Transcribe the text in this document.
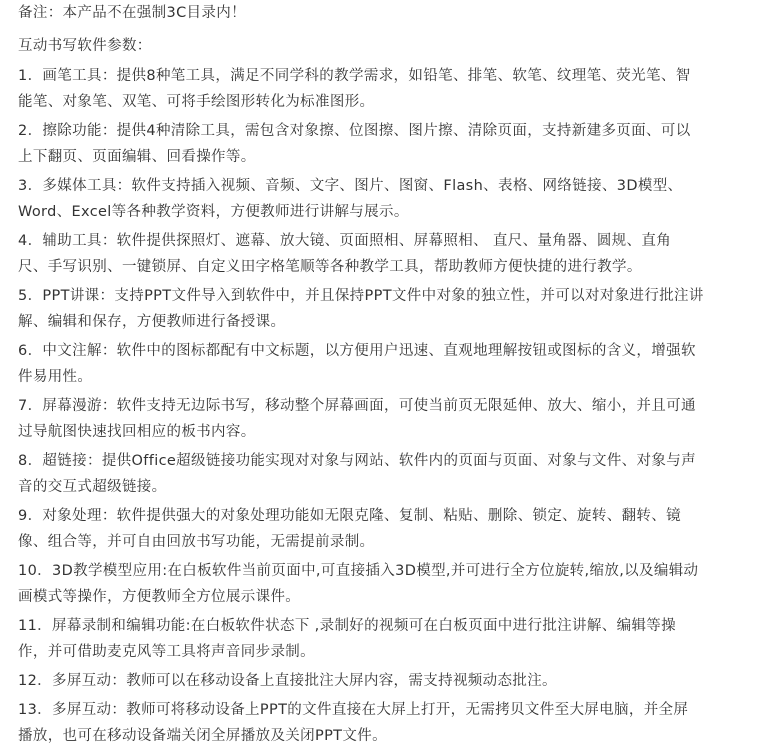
备注：本产品不在强制3C目录内！
互动书写软件参数：
1．画笔工具：提供8种笔工具，满足不同学科的教学需求，如铅笔、排笔、软笔、纹理笔、荧光笔、智
能笔、对象笔、双笔、可将手绘图形转化为标准图形。
2．擦除功能：提供4种清除工具，需包含对象擦、位图擦、图片擦、清除页面，支持新建多页面、可以
上下翻页、页面编辑、回看操作等。
3．多媒体工具：软件支持插入视频、音频、文字、图片、图窗、Flash、表格、网络链接、3D模型、
Word、Excel等各种教学资料，方便教师进行讲解与展示。
4．辅助工具：软件提供探照灯、遮幕、放大镜、页面照相、屏幕照相、 直尺、量角器、圆规、直角
尺、手写识别、一键锁屏、自定义田字格笔顺等各种教学工具，帮助教师方便快捷的进行教学。
5．PPT讲课：支持PPT文件导入到软件中，并且保持PPT文件中对象的独立性，并可以对对象进行批注讲
解、编辑和保存，方便教师进行备授课。
6．中文注解：软件中的图标都配有中文标题，以方便用户迅速、直观地理解按钮或图标的含义，增强软
件易用性。
7．屏幕漫游：软件支持无边际书写，移动整个屏幕画面，可使当前页无限延伸、放大、缩小，并且可通
过导航图快速找回相应的板书内容。
8．超链接：提供Office超级链接功能实现对对象与网站、软件内的页面与页面、对象与文件、对象与声
音的交互式超级链接。
9．对象处理：软件提供强大的对象处理功能如无限克隆、复制、粘贴、删除、锁定、旋转、翻转、镜
像、组合等，并可自由回放书写功能，无需提前录制。
10．3D教学模型应用:在白板软件当前页面中,可直接插入3D模型,并可进行全方位旋转,缩放,以及编辑动
画模式等操作，方便教师全方位展示课件。
11．屏幕录制和编辑功能:在白板软件状态下 ,录制好的视频可在白板页面中进行批注讲解、编辑等操
作，并可借助麦克风等工具将声音同步录制。
12．多屏互动：教师可以在移动设备上直接批注大屏内容，需支持视频动态批注。
13．多屏互动：教师可将移动设备上PPT的文件直接在大屏上打开，无需拷贝文件至大屏电脑，并全屏
播放，也可在移动设备端关闭全屏播放及关闭PPT文件。
